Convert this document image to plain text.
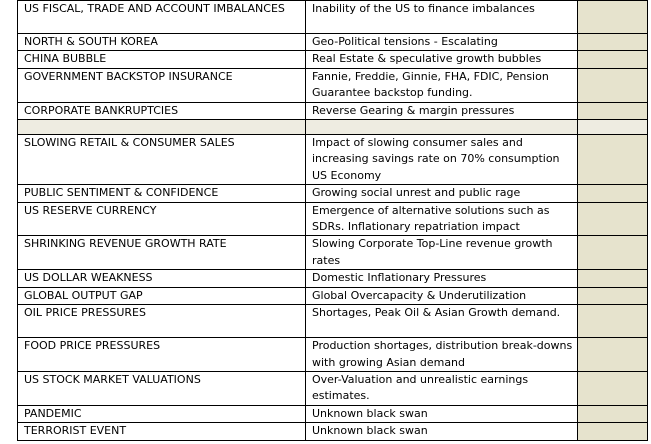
US FISCAL, TRADE AND ACCOUNT IMBALANCES	Inability of the US to finance imbalances	
NORTH & SOUTH KOREA	Geo-Political tensions - Escalating	
CHINA BUBBLE	Real Estate & speculative growth bubbles	
GOVERNMENT BACKSTOP INSURANCE	Fannie, Freddie, Ginnie, FHA, FDIC, Pension Guarantee backstop funding.	
CORPORATE BANKRUPTCIES	Reverse Gearing & margin pressures	

SLOWING RETAIL & CONSUMER SALES	Impact of slowing consumer sales and increasing savings rate on 70% consumption US Economy	
PUBLIC SENTIMENT & CONFIDENCE	Growing social unrest and public rage	
US RESERVE CURRENCY	Emergence of alternative solutions such as SDRs. Inflationary repatriation impact	
SHRINKING REVENUE GROWTH RATE	Slowing Corporate Top-Line revenue growth rates	
US DOLLAR WEAKNESS	Domestic Inflationary Pressures	
GLOBAL OUTPUT GAP	Global Overcapacity & Underutilization	
OIL PRICE PRESSURES	Shortages, Peak Oil & Asian Growth demand.	
FOOD PRICE PRESSURES	Production shortages, distribution break-downs with growing Asian demand	
US STOCK MARKET VALUATIONS	Over-Valuation and unrealistic earnings estimates.	
PANDEMIC	Unknown black swan	
TERRORIST EVENT	Unknown black swan	
